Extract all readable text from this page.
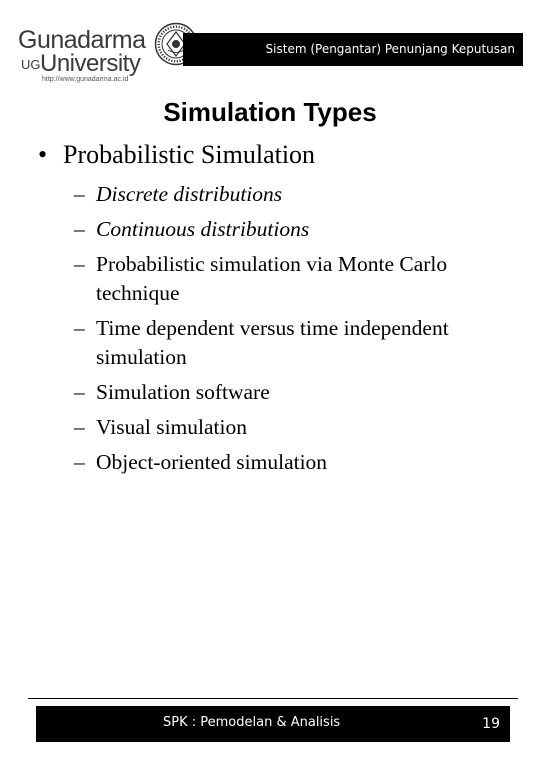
Gunadarma
UG University
http://www.gunadarma.ac.id
Sistem (Pengantar) Penunjang Keputusan
Simulation Types
• Probabilistic Simulation
– Discrete distributions
– Continuous distributions
– Probabilistic simulation via Monte Carlo technique
– Time dependent versus time independent simulation
– Simulation software
– Visual simulation
– Object-oriented simulation
SPK : Pemodelan & Analisis	19
